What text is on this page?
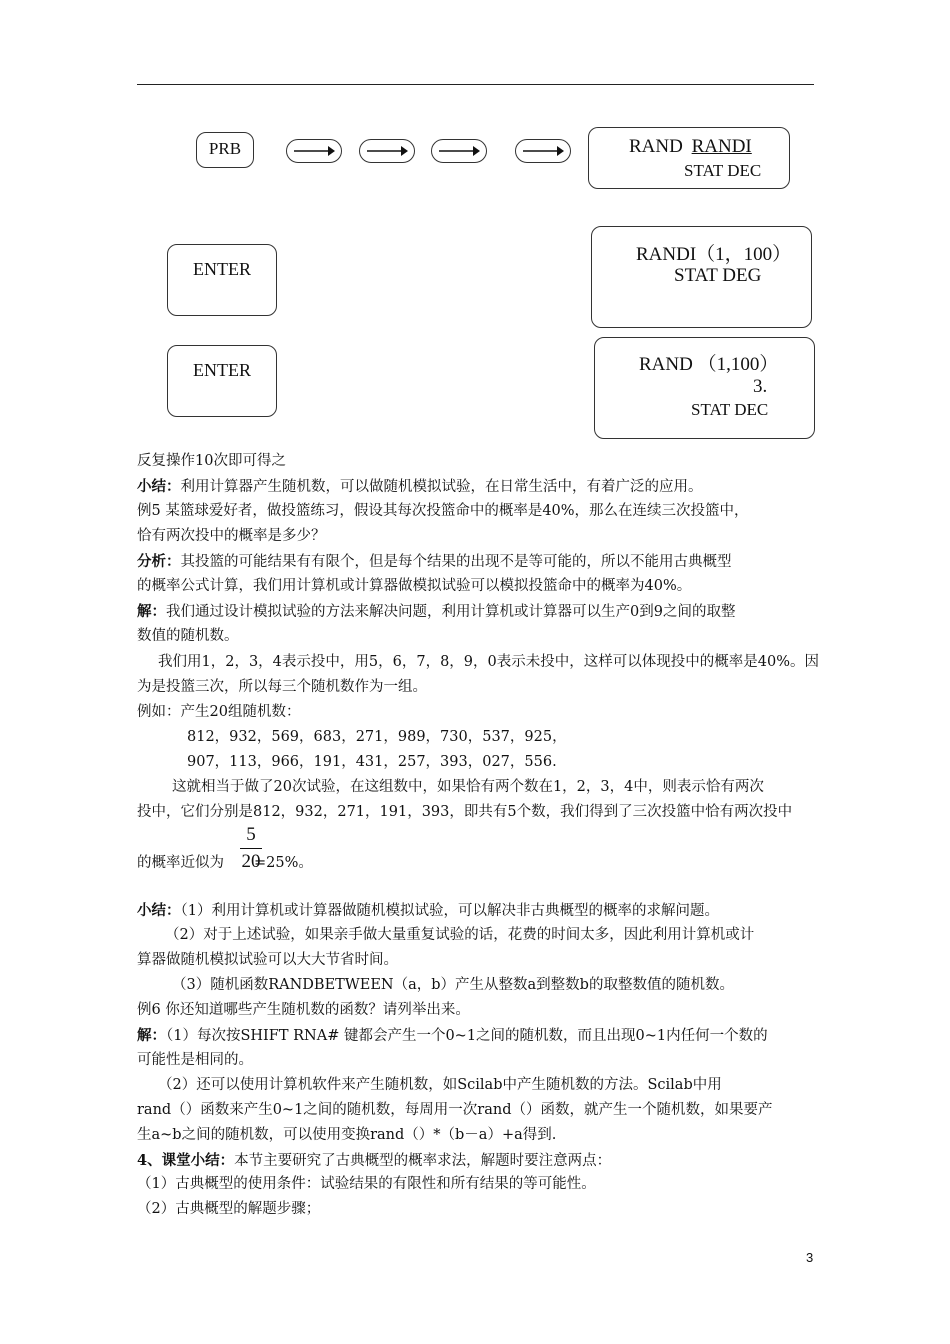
PRB	RAND RANDI
STAT DEC
ENTER
RANDI（1，100）
STAT DEG
ENTER	RAND （1,100）
3.
STAT DEC
反复操作10次即可得之
小结：利用计算器产生随机数，可以做随机模拟试验，在日常生活中，有着广泛的应用。
例5 某篮球爱好者，做投篮练习，假设其每次投篮命中的概率是40%，那么在连续三次投篮中，
恰有两次投中的概率是多少？
分析：其投篮的可能结果有有限个，但是每个结果的出现不是等可能的，所以不能用古典概型
的概率公式计算，我们用计算机或计算器做模拟试验可以模拟投篮命中的概率为40%。
解：我们通过设计模拟试验的方法来解决问题，利用计算机或计算器可以生产0到9之间的取整
数值的随机数。
我们用1，2，3，4表示投中，用5，6，7，8，9，0表示未投中，这样可以体现投中的概率是40%。因
为是投篮三次，所以每三个随机数作为一组。
例如：产生20组随机数：
812，932，569，683，271，989，730，537，925，
907，113，966，191，431，257，393，027，556.
这就相当于做了20次试验，在这组数中，如果恰有两个数在1，2，3，4中，则表示恰有两次
投中，它们分别是812，932，271，191，393，即共有5个数，我们得到了三次投篮中恰有两次投中
5
20
的概率近似为 =25%。
小结：（1）利用计算机或计算器做随机模拟试验，可以解决非古典概型的概率的求解问题。
（2）对于上述试验，如果亲手做大量重复试验的话，花费的时间太多，因此利用计算机或计
算器做随机模拟试验可以大大节省时间。
（3）随机函数RANDBETWEEN（a，b）产生从整数a到整数b的取整数值的随机数。
例6 你还知道哪些产生随机数的函数？请列举出来。
解：（1）每次按SHIFT RNA# 键都会产生一个0~1之间的随机数，而且出现0~1内任何一个数的
可能性是相同的。
（2）还可以使用计算机软件来产生随机数，如Scilab中产生随机数的方法。Scilab中用
rand（）函数来产生0~1之间的随机数，每周用一次rand（）函数，就产生一个随机数，如果要产
生a~b之间的随机数，可以使用变换rand（）*（b－a）+a得到.
4、课堂小结：本节主要研究了古典概型的概率求法，解题时要注意两点：
（1）古典概型的使用条件：试验结果的有限性和所有结果的等可能性。
（2）古典概型的解题步骤；
3
